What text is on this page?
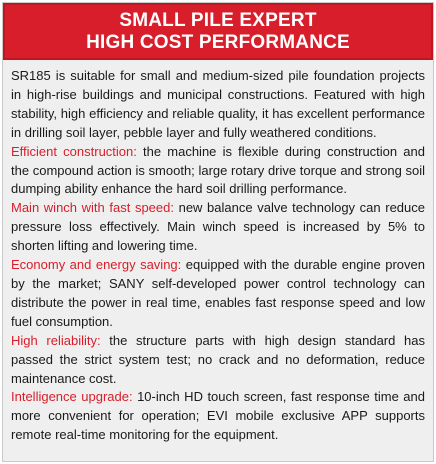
SMALL PILE EXPERT
HIGH COST PERFORMANCE

SR185 is suitable for small and medium-sized pile foundation projects in high-rise buildings and municipal constructions. Featured with high stability, high efficiency and reliable quality, it has excellent performance in drilling soil layer, pebble layer and fully weathered conditions.

Efficient construction: the machine is flexible during construction and the compound action is smooth; large rotary drive torque and strong soil dumping ability enhance the hard soil drilling performance.

Main winch with fast speed: new balance valve technology can reduce pressure loss effectively. Main winch speed is increased by 5% to shorten lifting and lowering time.

Economy and energy saving: equipped with the durable engine proven by the market; SANY self-developed power control technology can distribute the power in real time, enables fast response speed and low fuel consumption.

High reliability: the structure parts with high design standard has passed the strict system test; no crack and no deformation, reduce maintenance cost.

Intelligence upgrade: 10-inch HD touch screen, fast response time and more convenient for operation; EVI mobile exclusive APP supports remote real-time monitoring for the equipment.
